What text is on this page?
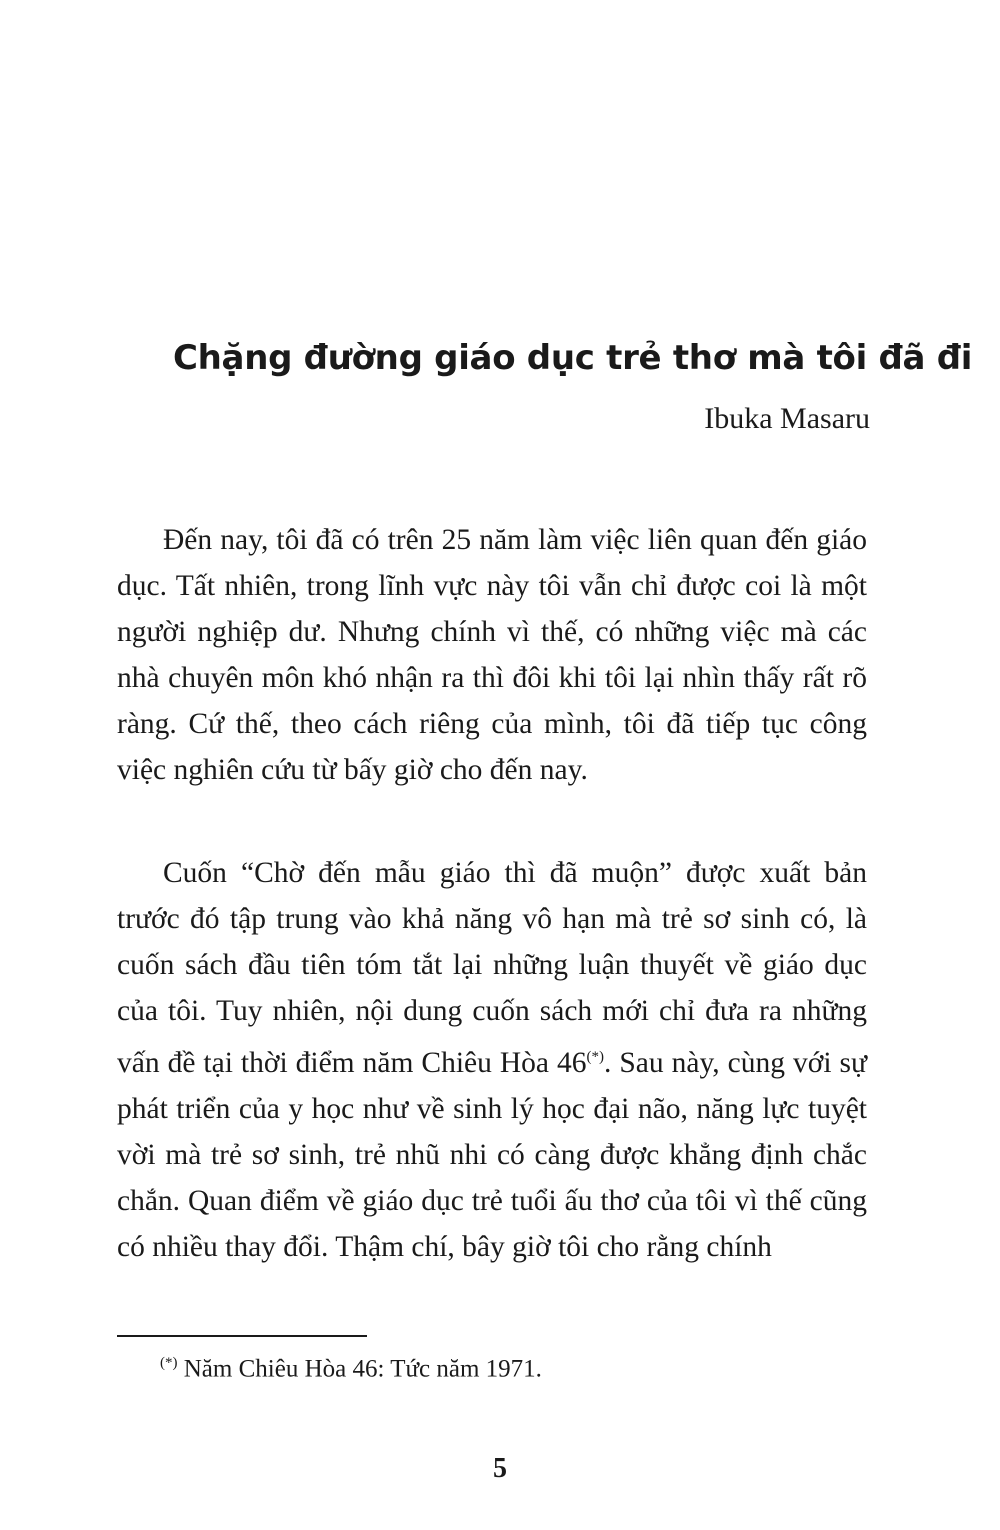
Chặng đường giáo dục trẻ thơ mà tôi đã đi
Ibuka Masaru

Đến nay, tôi đã có trên 25 năm làm việc liên quan đến giáo dục. Tất nhiên, trong lĩnh vực này tôi vẫn chỉ được coi là một người nghiệp dư. Nhưng chính vì thế, có những việc mà các nhà chuyên môn khó nhận ra thì đôi khi tôi lại nhìn thấy rất rõ ràng. Cứ thế, theo cách riêng của mình, tôi đã tiếp tục công việc nghiên cứu từ bấy giờ cho đến nay.

Cuốn “Chờ đến mẫu giáo thì đã muộn” được xuất bản trước đó tập trung vào khả năng vô hạn mà trẻ sơ sinh có, là cuốn sách đầu tiên tóm tắt lại những luận thuyết về giáo dục của tôi. Tuy nhiên, nội dung cuốn sách mới chỉ đưa ra những vấn đề tại thời điểm năm Chiêu Hòa 46(*). Sau này, cùng với sự phát triển của y học như về sinh lý học đại não, năng lực tuyệt vời mà trẻ sơ sinh, trẻ nhũ nhi có càng được khẳng định chắc chắn. Quan điểm về giáo dục trẻ tuổi ấu thơ của tôi vì thế cũng có nhiều thay đổi. Thậm chí, bây giờ tôi cho rằng chính

(*) Năm Chiêu Hòa 46: Tức năm 1971.
5
